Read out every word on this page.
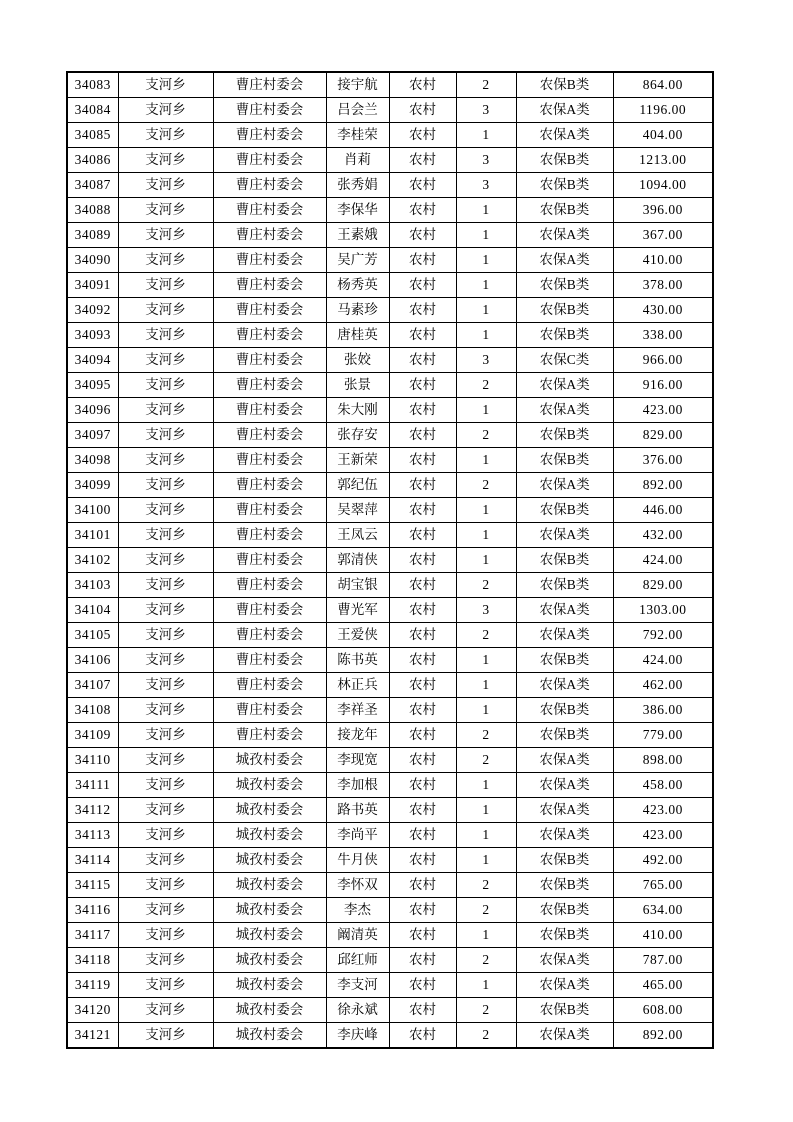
34083	支河乡	曹庄村委会	接宇航	农村	2	农保B类	864.00
34084	支河乡	曹庄村委会	吕会兰	农村	3	农保A类	1196.00
34085	支河乡	曹庄村委会	李桂荣	农村	1	农保A类	404.00
34086	支河乡	曹庄村委会	肖莉	农村	3	农保B类	1213.00
34087	支河乡	曹庄村委会	张秀娟	农村	3	农保B类	1094.00
34088	支河乡	曹庄村委会	李保华	农村	1	农保B类	396.00
34089	支河乡	曹庄村委会	王素娥	农村	1	农保A类	367.00
34090	支河乡	曹庄村委会	吴广芳	农村	1	农保A类	410.00
34091	支河乡	曹庄村委会	杨秀英	农村	1	农保B类	378.00
34092	支河乡	曹庄村委会	马素珍	农村	1	农保B类	430.00
34093	支河乡	曹庄村委会	唐桂英	农村	1	农保B类	338.00
34094	支河乡	曹庄村委会	张姣	农村	3	农保C类	966.00
34095	支河乡	曹庄村委会	张景	农村	2	农保A类	916.00
34096	支河乡	曹庄村委会	朱大刚	农村	1	农保A类	423.00
34097	支河乡	曹庄村委会	张存安	农村	2	农保B类	829.00
34098	支河乡	曹庄村委会	王新荣	农村	1	农保B类	376.00
34099	支河乡	曹庄村委会	郭纪伍	农村	2	农保A类	892.00
34100	支河乡	曹庄村委会	吴翠萍	农村	1	农保B类	446.00
34101	支河乡	曹庄村委会	王凤云	农村	1	农保A类	432.00
34102	支河乡	曹庄村委会	郭清侠	农村	1	农保B类	424.00
34103	支河乡	曹庄村委会	胡宝银	农村	2	农保B类	829.00
34104	支河乡	曹庄村委会	曹光军	农村	3	农保A类	1303.00
34105	支河乡	曹庄村委会	王爱侠	农村	2	农保A类	792.00
34106	支河乡	曹庄村委会	陈书英	农村	1	农保B类	424.00
34107	支河乡	曹庄村委会	林正兵	农村	1	农保A类	462.00
34108	支河乡	曹庄村委会	李祥圣	农村	1	农保B类	386.00
34109	支河乡	曹庄村委会	接龙年	农村	2	农保B类	779.00
34110	支河乡	城孜村委会	李现宽	农村	2	农保A类	898.00
34111	支河乡	城孜村委会	李加根	农村	1	农保A类	458.00
34112	支河乡	城孜村委会	路书英	农村	1	农保A类	423.00
34113	支河乡	城孜村委会	李尚平	农村	1	农保A类	423.00
34114	支河乡	城孜村委会	牛月侠	农村	1	农保B类	492.00
34115	支河乡	城孜村委会	李怀双	农村	2	农保B类	765.00
34116	支河乡	城孜村委会	李杰	农村	2	农保B类	634.00
34117	支河乡	城孜村委会	阚清英	农村	1	农保B类	410.00
34118	支河乡	城孜村委会	邱红师	农村	2	农保A类	787.00
34119	支河乡	城孜村委会	李支河	农村	1	农保A类	465.00
34120	支河乡	城孜村委会	徐永斌	农村	2	农保B类	608.00
34121	支河乡	城孜村委会	李庆峰	农村	2	农保A类	892.00
